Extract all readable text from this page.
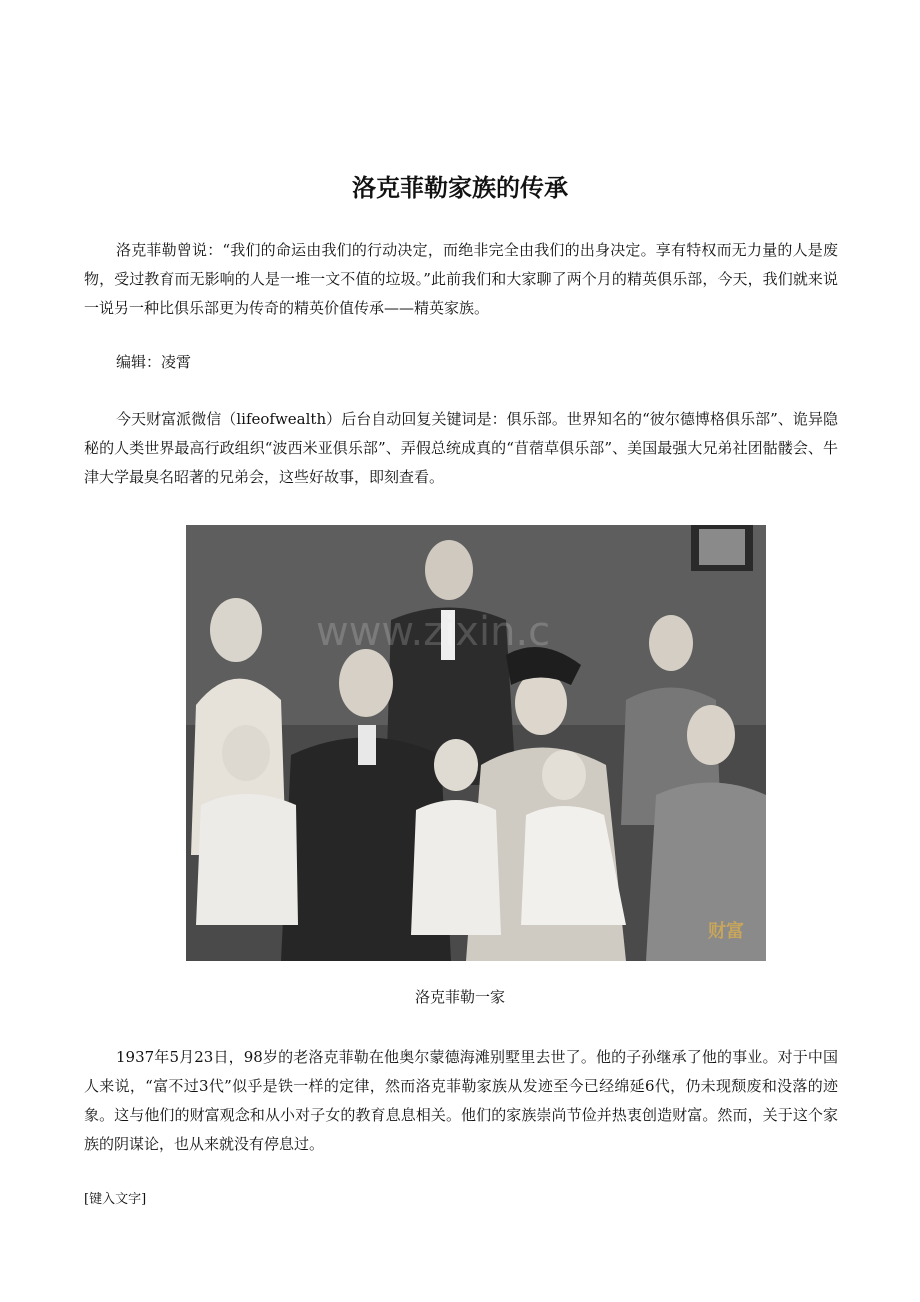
洛克菲勒家族的传承

洛克菲勒曾说：“我们的命运由我们的行动决定，而绝非完全由我们的出身决定。享有特权而无力量的人是废物，受过教育而无影响的人是一堆一文不值的垃圾。”此前我们和大家聊了两个月的精英俱乐部，今天，我们就来说一说另一种比俱乐部更为传奇的精英价值传承——精英家族。

编辑：凌霄

今天财富派微信（lifeofwealth）后台自动回复关键词是：俱乐部。世界知名的“彼尔德博格俱乐部”、诡异隐秘的人类世界最高行政组织“波西米亚俱乐部”、弄假总统成真的“苜蓿草俱乐部”、美国最强大兄弟社团骷髅会、牛津大学最臭名昭著的兄弟会，这些好故事，即刻查看。

www.zixin.c
财富
洛克菲勒一家

1937年5月23日，98岁的老洛克菲勒在他奥尔蒙德海滩别墅里去世了。他的子孙继承了他的事业。对于中国人来说，“富不过3代”似乎是铁一样的定律，然而洛克菲勒家族从发迹至今已经绵延6代，仍未现颓废和没落的迹象。这与他们的财富观念和从小对子女的教育息息相关。他们的家族崇尚节俭并热衷创造财富。然而，关于这个家族的阴谋论，也从来就没有停息过。

[键入文字]
